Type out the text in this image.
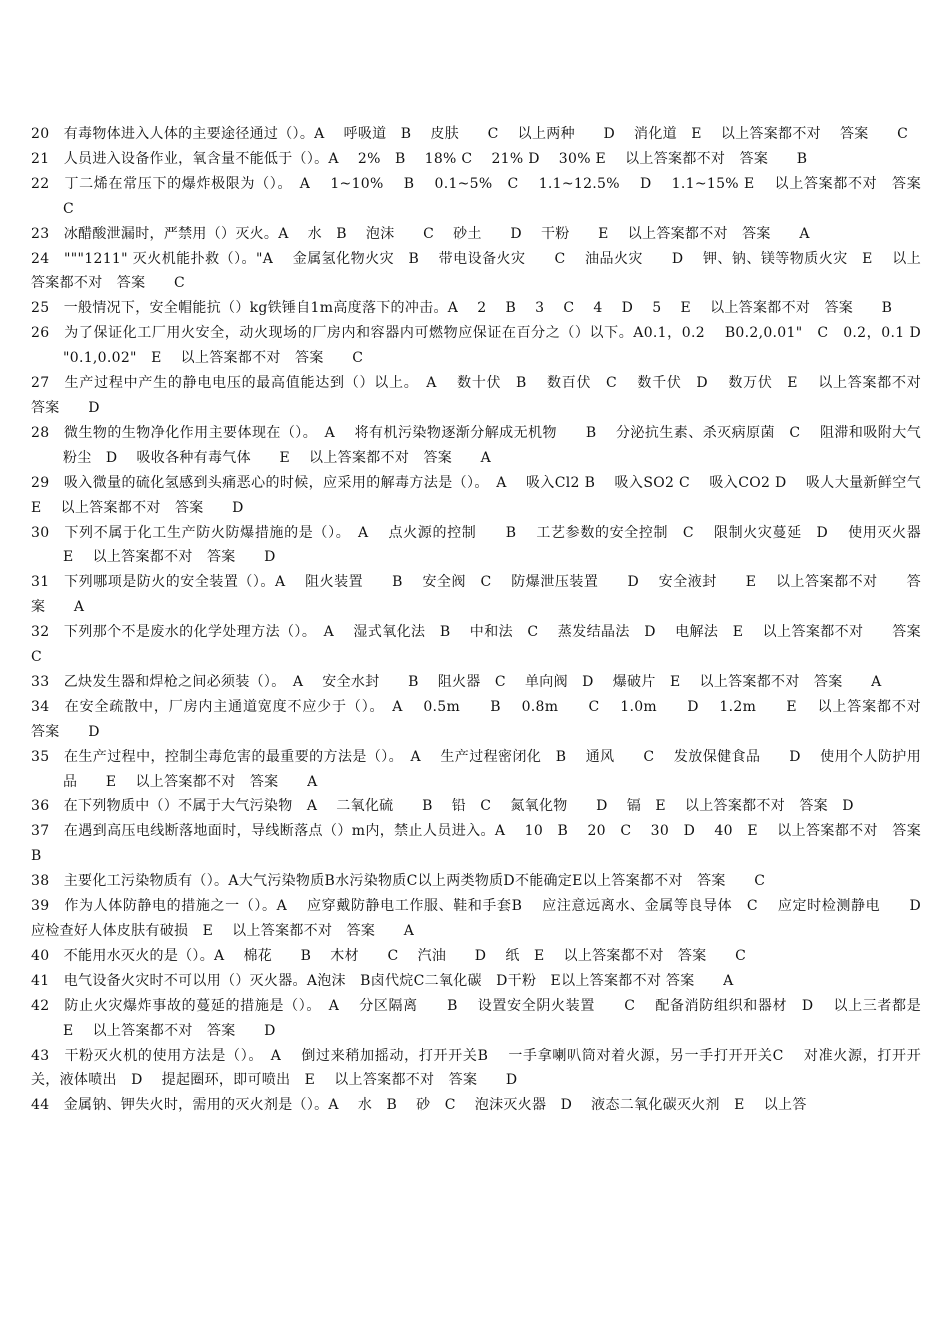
20　有毒物体进入人体的主要途径通过（）。A　 呼吸道　B　 皮肤　　C　 以上两种　　D　 消化道　E　 以上答案都不对　 答案　　C

21　人员进入设备作业，氧含量不能低于（）。A　 2%　B　 18% C　 21% D　 30% E　 以上答案都不对　答案　　B

22　丁二烯在常压下的爆炸极限为（）。　A　 1~10%　 B　 0.1~5%　C　 1.1~12.5%　 D　 1.1~15% E　 以上答案都不对　答案　　C

23　冰醋酸泄漏时，严禁用（）灭火。A　 水　B　 泡沫　　C　 砂土　　D　 干粉　　E　 以上答案都不对　答案　　A

24　"""1211" 灭火机能扑救（）。"A　 金属氢化物火灾　B　 带电设备火灾　　C　 油品火灾　　D　 钾、钠、镁等物质火灾　E　 以上答案都不对　答案　　C

25　一般情况下，安全帽能抗（）kg铁锤自1m高度落下的冲击。A　 2　 B　 3　 C　 4　 D　 5　 E　 以上答案都不对　答案　　B

26　为了保证化工厂用火安全，动火现场的厂房内和容器内可燃物应保证在百分之（）以下。A0.1，0.2　 B0.2,0.01"　C　0.2，0.1 D　"0.1,0.02"　E　 以上答案都不对　答案　　C

27　生产过程中产生的静电电压的最高值能达到（）以上。　A　 数十伏　B　 数百伏　C　 数千伏　D　 数万伏　E　 以上答案都不对　　答案　　D

28　微生物的生物净化作用主要体现在（）。　A　 将有机污染物逐渐分解成无机物　　B　 分泌抗生素、杀灭病原菌　C　 阻滞和吸附大气粉尘　D　 吸收各种有毒气体　　E　 以上答案都不对　答案　　A

29　吸入微量的硫化氢感到头痛恶心的时候，应采用的解毒方法是（）。　A　 吸入Cl2 B　 吸入SO2 C　 吸入CO2 D　 吸人大量新鲜空气　E　 以上答案都不对　答案　　D

30　下列不属于化工生产防火防爆措施的是（）。　A　 点火源的控制　　B　 工艺参数的安全控制　C　 限制火灾蔓延　D　 使用灭火器　E　 以上答案都不对　答案　　D

31　下列哪项是防火的安全装置（）。A　 阻火装置　　B　 安全阀　C　 防爆泄压装置　　D　 安全液封　　E　 以上答案都不对　　答案　　A

32　下列那个不是废水的化学处理方法（）。　A　 湿式氧化法　B　 中和法　C　 蒸发结晶法　D　 电解法　E　 以上答案都不对　　答案　　C

33　乙炔发生器和焊枪之间必须装（）。　A　 安全水封　　B　 阻火器　C　 单向阀　D　 爆破片　E　 以上答案都不对　答案　　A

34　在安全疏散中，厂房内主通道宽度不应少于（）。　A　 0.5m　　B　 0.8m　　C　 1.0m　　D　 1.2m　　E　 以上答案都不对　　答案　　D

35　在生产过程中，控制尘毒危害的最重要的方法是（）。　A　 生产过程密闭化　B　 通风　　C　 发放保健食品　　D　 使用个人防护用品　　E　 以上答案都不对　答案　　A

36　在下列物质中（）不属于大气污染物　A　 二氧化硫　　B　 铅　C　 氮氧化物　　D　 镉　E　 以上答案都不对　答案　D

37　在遇到高压电线断落地面时，导线断落点（）m内，禁止人员进入。A　 10　B　 20　C　 30　D　 40　E　 以上答案都不对　答案　　B

38　主要化工污染物质有（）。A大气污染物质B水污染物质C以上两类物质D不能确定E以上答案都不对　答案　　C

39　作为人体防静电的措施之一（）。A　 应穿戴防静电工作服、鞋和手套B　 应注意远离水、金属等良导体　C　 应定时检测静电　　D　 应检查好人体皮肤有破损　E　 以上答案都不对　答案　　A

40　不能用水灭火的是（）。A　 棉花　　B　 木材　　C　 汽油　　D　 纸　E　 以上答案都不对　答案　　C

41　电气设备火灾时不可以用（）灭火器。A泡沫　B卤代烷C二氧化碳　D干粉　E以上答案都不对 答案　　A

42　防止火灾爆炸事故的蔓延的措施是（）。　A　 分区隔离　　B　 设置安全阴火装置　　C　 配备消防组织和器材　D　 以上三者都是　　E　 以上答案都不对　答案　　D

43　干粉灭火机的使用方法是（）。　A　 倒过来稍加摇动，打开开关B　 一手拿喇叭筒对着火源，另一手打开开关C　 对准火源，打开开关，液体喷出　D　 提起圈环，即可喷出　E　 以上答案都不对　答案　　D

44　金属钠、钾失火时，需用的灭火剂是（）。A　 水　B　 砂　C　 泡沫灭火器　D　 液态二氧化碳灭火剂　E　 以上答
